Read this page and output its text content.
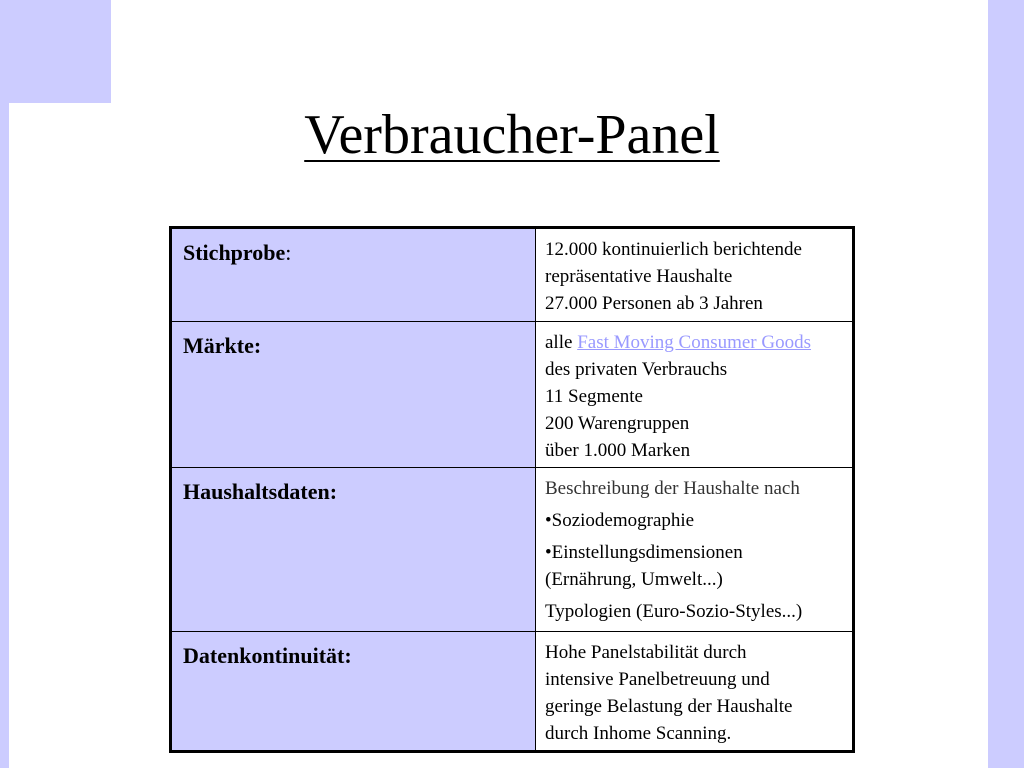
Verbraucher-Panel
Stichprobe:	12.000 kontinuierlich berichtende
repräsentative Haushalte
27.000 Personen ab 3 Jahren

Märkte:	alle Fast Moving Consumer Goods
des privaten Verbrauchs
11 Segmente
200 Warengruppen
über 1.000 Marken

Haushaltsdaten:	Beschreibung der Haushalte nach
•Soziodemographie
•Einstellungsdimensionen
(Ernährung, Umwelt...)
Typologien (Euro-Sozio-Styles...)

Datenkontinuität:	Hohe Panelstabilität durch
intensive Panelbetreuung und
geringe Belastung der Haushalte
durch Inhome Scanning.
